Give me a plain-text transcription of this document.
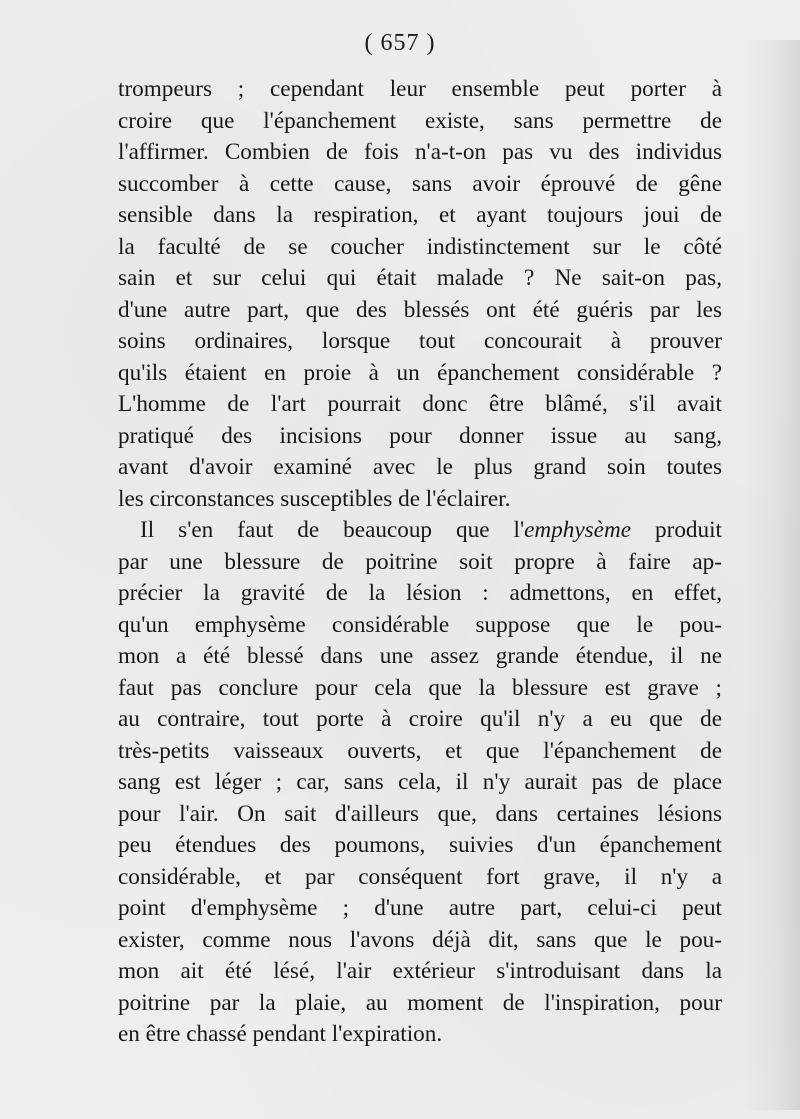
( 657 )
trompeurs ; cependant leur ensemble peut porter à
croire que l'épanchement existe, sans permettre de
l'affirmer. Combien de fois n'a-t-on pas vu des individus
succomber à cette cause, sans avoir éprouvé de gêne
sensible dans la respiration, et ayant toujours joui de
la faculté de se coucher indistinctement sur le côté
sain et sur celui qui était malade ? Ne sait-on pas,
d'une autre part, que des blessés ont été guéris par les
soins ordinaires, lorsque tout concourait à prouver
qu'ils étaient en proie à un épanchement considérable ?
L'homme de l'art pourrait donc être blâmé, s'il avait
pratiqué des incisions pour donner issue au sang,
avant d'avoir examiné avec le plus grand soin toutes
les circonstances susceptibles de l'éclairer.
Il s'en faut de beaucoup que l'emphysème produit
par une blessure de poitrine soit propre à faire ap-
précier la gravité de la lésion : admettons, en effet,
qu'un emphysème considérable suppose que le pou-
mon a été blessé dans une assez grande étendue, il ne
faut pas conclure pour cela que la blessure est grave ;
au contraire, tout porte à croire qu'il n'y a eu que de
très-petits vaisseaux ouverts, et que l'épanchement de
sang est léger ; car, sans cela, il n'y aurait pas de place
pour l'air. On sait d'ailleurs que, dans certaines lésions
peu étendues des poumons, suivies d'un épanchement
considérable, et par conséquent fort grave, il n'y a
point d'emphysème ; d'une autre part, celui-ci peut
exister, comme nous l'avons déjà dit, sans que le pou-
mon ait été lésé, l'air extérieur s'introduisant dans la
poitrine par la plaie, au moment de l'inspiration, pour
en être chassé pendant l'expiration.
